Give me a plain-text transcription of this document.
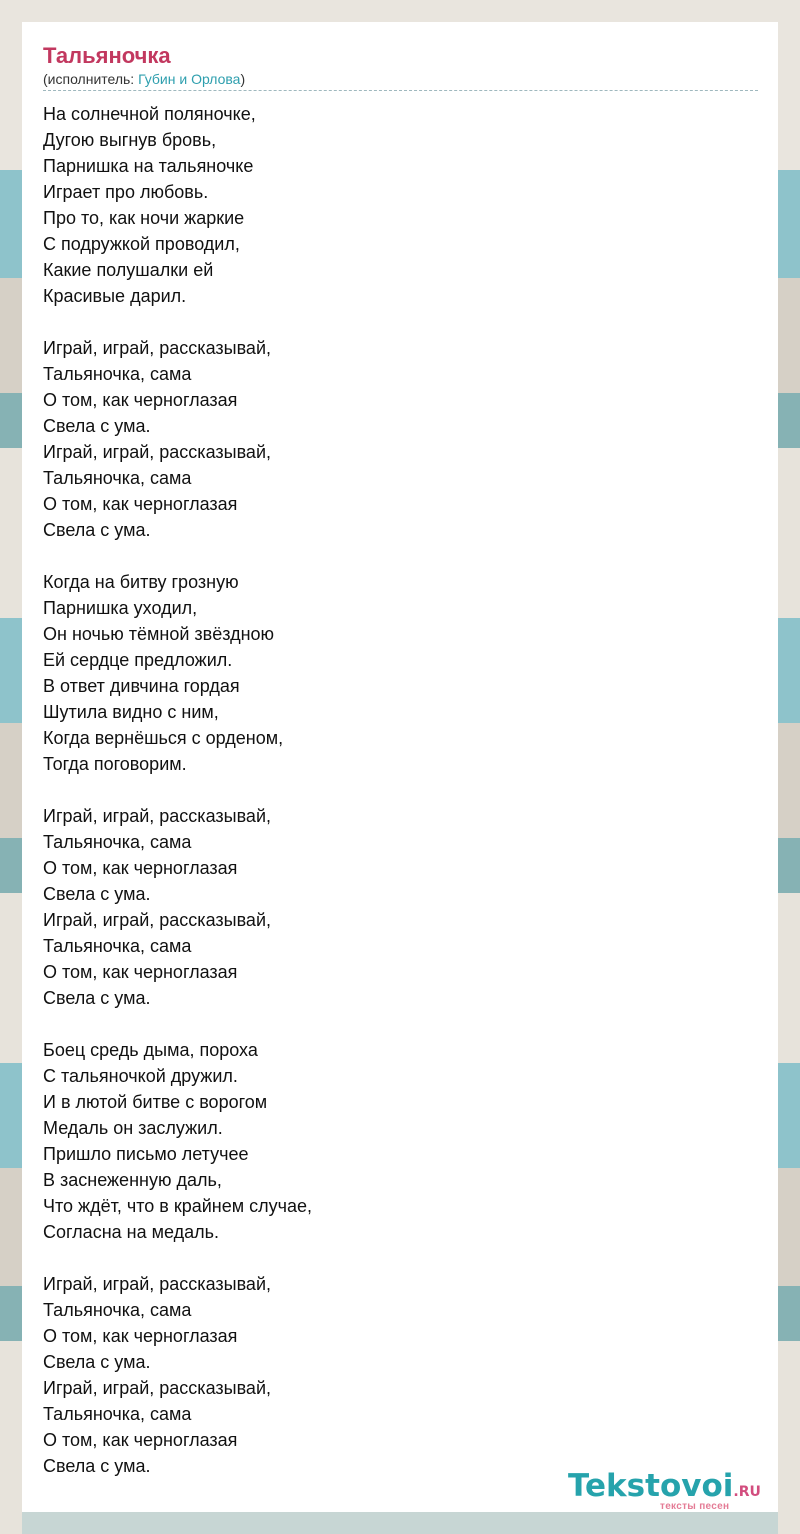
Тальяночка
(исполнитель: Губин и Орлова)
На солнечной поляночке,
Дугою выгнув бровь,
Парнишка на тальяночке
Играет про любовь.
Про то, как ночи жаркие
С подружкой проводил,
Какие полушалки ей
Красивые дарил.

Играй, играй, рассказывай,
Тальяночка, сама
О том, как черноглазая
Свела с ума.
Играй, играй, рассказывай,
Тальяночка, сама
О том, как черноглазая
Свела с ума.

Когда на битву грозную
Парнишка уходил,
Он ночью тёмной звёздною
Ей сердце предложил.
В ответ дивчина гордая
Шутила видно с ним,
Когда вернёшься с орденом,
Тогда поговорим.

Играй, играй, рассказывай,
Тальяночка, сама
О том, как черноглазая
Свела с ума.
Играй, играй, рассказывай,
Тальяночка, сама
О том, как черноглазая
Свела с ума.

Боец средь дыма, пороха
С тальяночкой дружил.
И в лютой битве с ворогом
Медаль он заслужил.
Пришло письмо летучее
В заснеженную даль,
Что ждёт, что в крайнем случае,
Согласна на медаль.

Играй, играй, рассказывай,
Тальяночка, сама
О том, как черноглазая
Свела с ума.
Играй, играй, рассказывай,
Тальяночка, сама
О том, как черноглазая
Свела с ума.
Tekstovoi.RU
тексты песен
